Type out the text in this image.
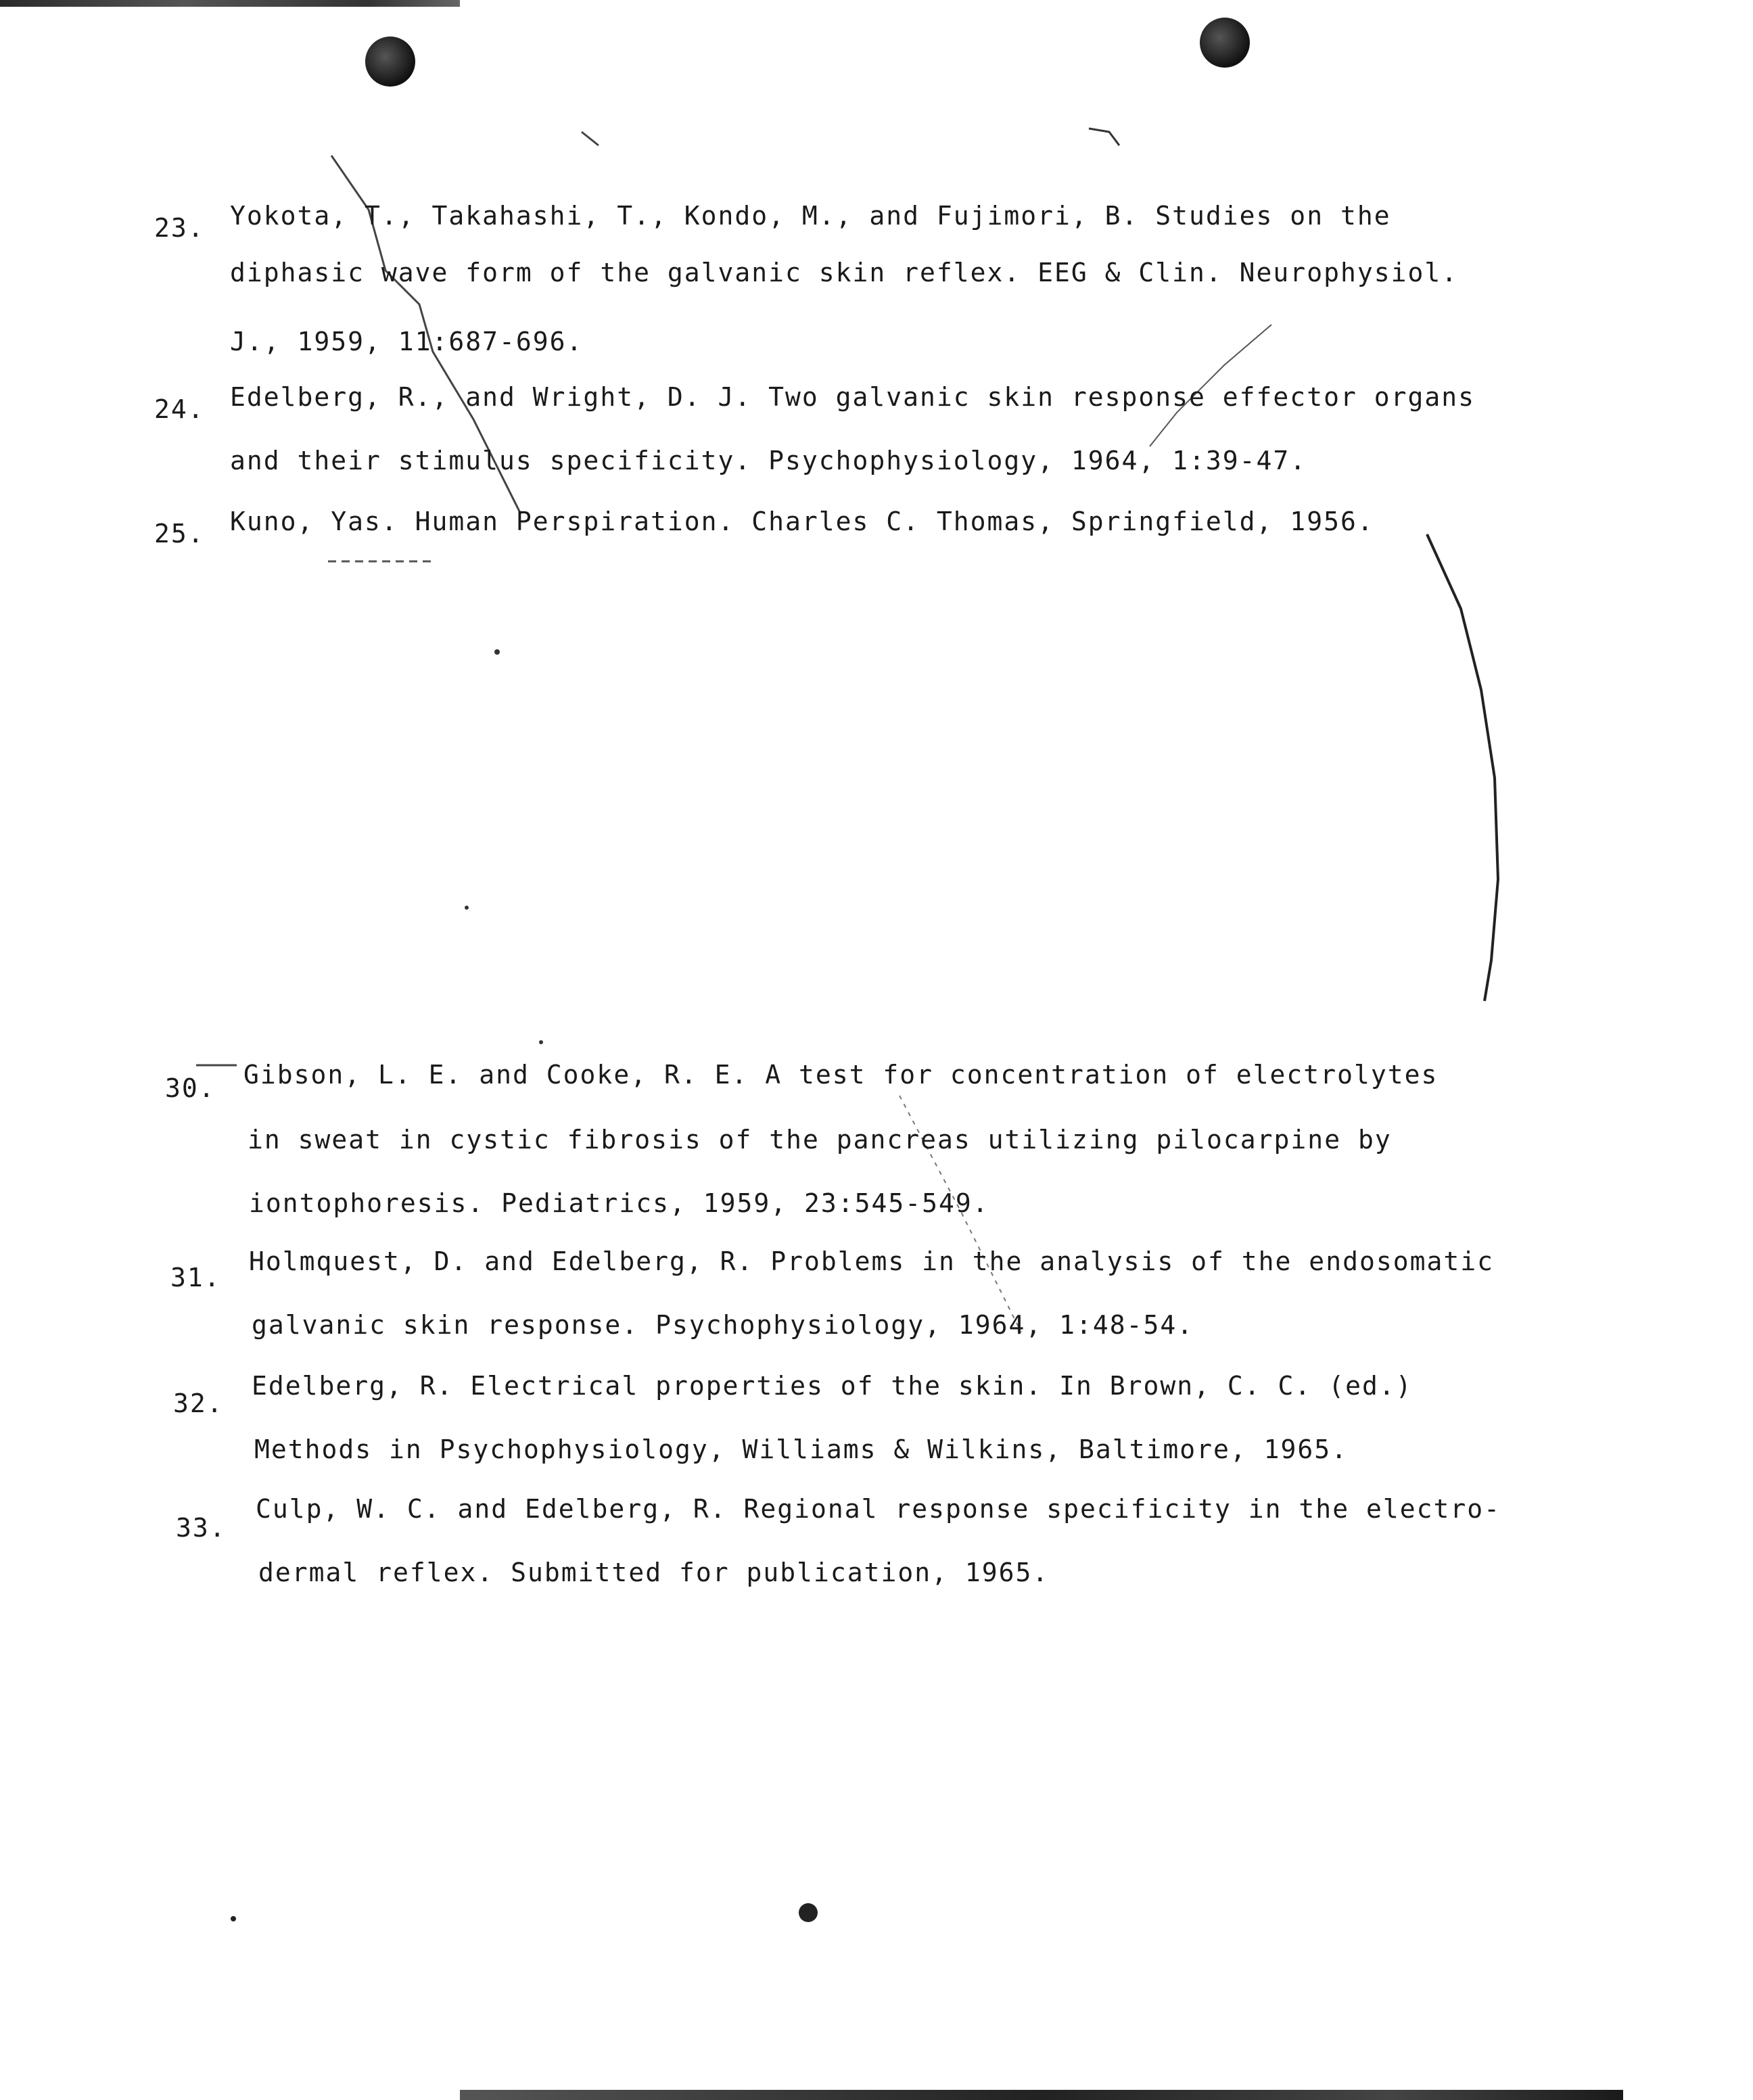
23. Yokota, T., Takahashi, T., Kondo, M., and Fujimori, B. Studies on the
diphasic wave form of the galvanic skin reflex. EEG & Clin. Neurophysiol.
J., 1959, 11:687-696.
24. Edelberg, R., and Wright, D. J. Two galvanic skin response effector organs
and their stimulus specificity. Psychophysiology, 1964, 1:39-47.
25. Kuno, Yas. Human Perspiration. Charles C. Thomas, Springfield, 1956.
30. Gibson, L. E. and Cooke, R. E. A test for concentration of electrolytes
in sweat in cystic fibrosis of the pancreas utilizing pilocarpine by
iontophoresis. Pediatrics, 1959, 23:545-549.
31.
Holmquest, D. and Edelberg, R. Problems in the analysis of the endosomatic
galvanic skin response. Psychophysiology, 1964, 1:48-54.
32.
Edelberg, R. Electrical properties of the skin. In Brown, C. C. (ed.)
Methods in Psychophysiology, Williams & Wilkins, Baltimore, 1965.
33.
Culp, W. C. and Edelberg, R. Regional response specificity in the electro-
dermal reflex. Submitted for publication, 1965.
